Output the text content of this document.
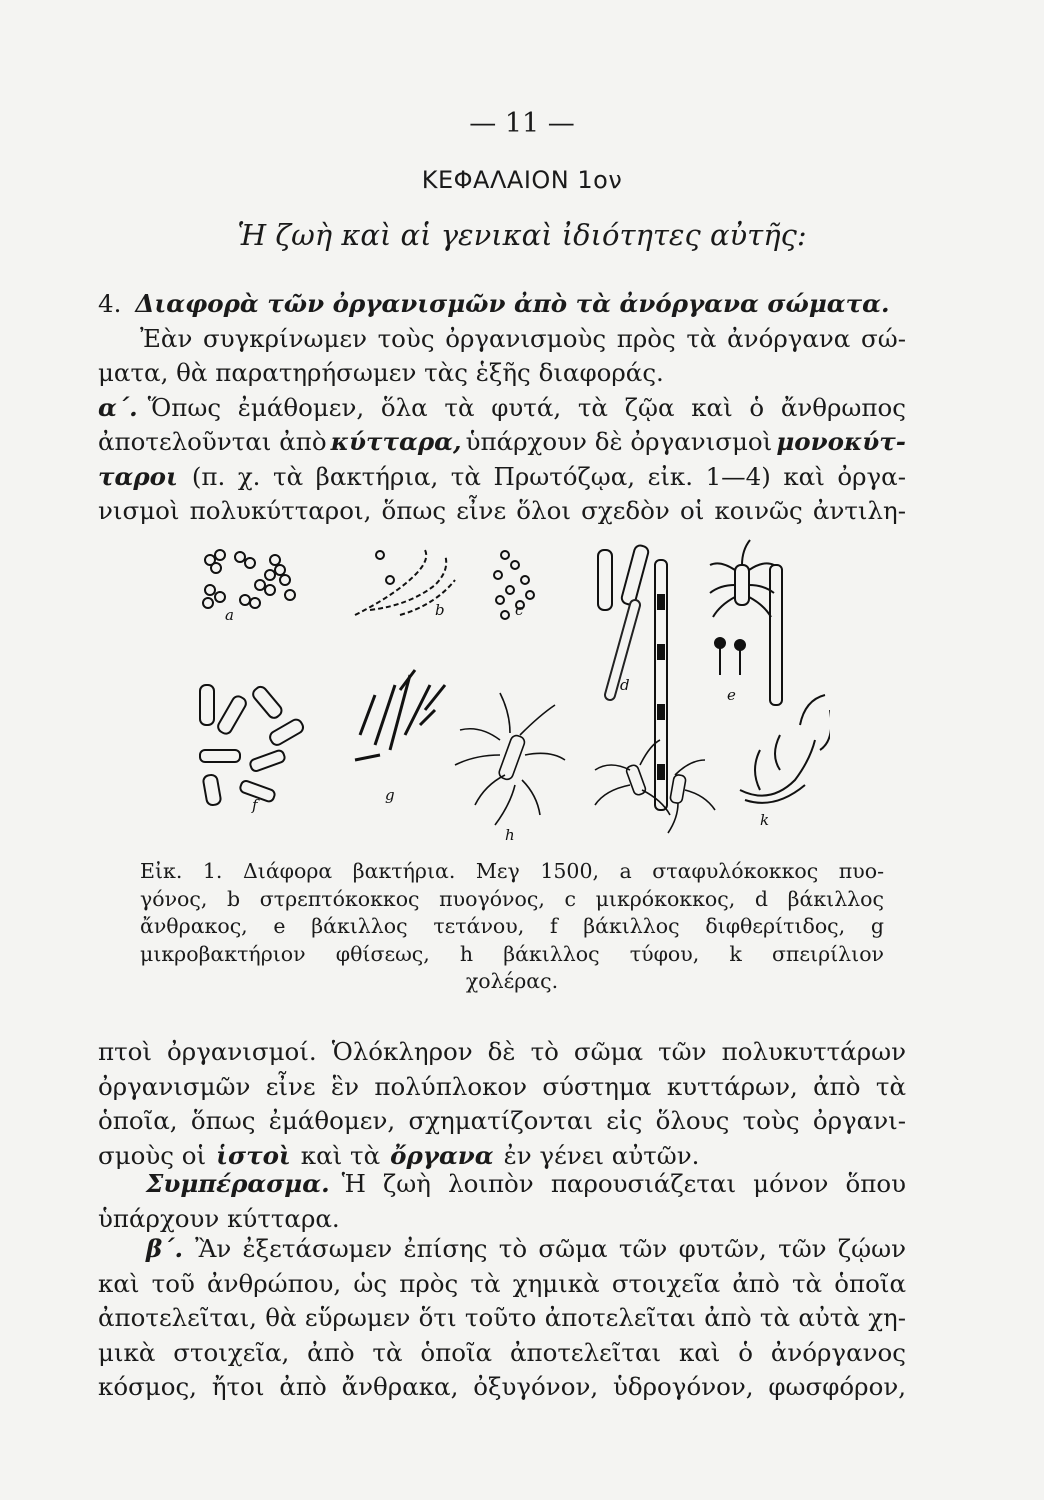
— 11 —
ΚΕΦΑΛΑΙΟΝ 1ον
Ἡ ζωὴ καὶ αἱ γενικαὶ ἰδιότητες αὐτῆς:
4. Διαφορὰ τῶν ὀργανισμῶν ἀπὸ τὰ ἀνόργανα σώματα.
Ἐὰν συγκρίνωμεν τοὺς ὀργανισμοὺς πρὸς τὰ ἀνόργανα σώ-
ματα, θὰ παρατηρήσωμεν τὰς ἑξῆς διαφοράς.
α΄. Ὅπως ἐμάθομεν, ὅλα τὰ φυτά, τὰ ζῷα καὶ ὁ ἄνθρωπος
ἀποτελοῦνται ἀπὸ κύτταρα, ὑπάρχουν δὲ ὀργανισμοὶ μονοκύτ-
ταροι (π. χ. τὰ βακτήρια, τὰ Πρωτόζῳα, εἰκ. 1—4) καὶ ὀργα-
νισμοὶ πολυκύτταροι, ὅπως εἶνε ὅλοι σχεδὸν οἱ κοινῶς ἀντιλη-
a	b	c
d
e
f
g
h
k
Εἰκ. 1. Διάφορα βακτήρια. Μεγ 1500, a σταφυλόκοκκος πυο-
γόνος, b στρεπτόκοκκος πυογόνος, c μικρόκοκκος, d βάκιλλος
ἄνθρακος, e βάκιλλος τετάνου, f βάκιλλος διφθερίτιδος, g
μικροβακτήριον φθίσεως, h βάκιλλος τύφου, k σπειρίλιον
χολέρας.
πτοὶ ὀργανισμοί. Ὁλόκληρον δὲ τὸ σῶμα τῶν πολυκυττάρων
ὀργανισμῶν εἶνε ἓν πολύπλοκον σύστημα κυττάρων, ἀπὸ τὰ
ὁποῖα, ὅπως ἐμάθομεν, σχηματίζονται εἰς ὅλους τοὺς ὀργανι-
σμοὺς οἱ ἱστοὶ καὶ τὰ ὄργανα ἐν γένει αὐτῶν.
Συμπέρασμα. Ἡ ζωὴ λοιπὸν παρουσιάζεται μόνον ὅπου
ὑπάρχουν κύτταρα.
β΄. Ἂν ἐξετάσωμεν ἐπίσης τὸ σῶμα τῶν φυτῶν, τῶν ζῴων
καὶ τοῦ ἀνθρώπου, ὡς πρὸς τὰ χημικὰ στοιχεῖα ἀπὸ τὰ ὁποῖα
ἀποτελεῖται, θὰ εὕρωμεν ὅτι τοῦτο ἀποτελεῖται ἀπὸ τὰ αὐτὰ χη-
μικὰ στοιχεῖα, ἀπὸ τὰ ὁποῖα ἀποτελεῖται καὶ ὁ ἀνόργανος
κόσμος, ἤτοι ἀπὸ ἄνθρακα, ὀξυγόνον, ὑδρογόνον, φωσφόρον,
